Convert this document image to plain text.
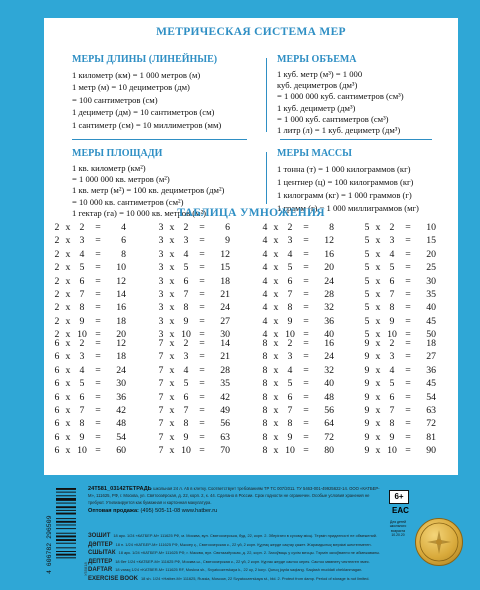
МЕТРИЧЕСКАЯ СИСТЕМА МЕР
МЕРЫ ДЛИНЫ (ЛИНЕЙНЫЕ)
1 километр (км) = 1 000 метров (м)
1 метр (м) = 10 дециметров (дм)
= 100 сантиметров (см)
1 дециметр (дм) = 10 сантиметров (см)
1 сантиметр (см) = 10 миллиметров (мм)
МЕРЫ ОБЪЕМА
1 куб. метр (м³) = 1 000
куб. дециметров (дм³)
= 1 000 000 куб. сантиметров (см³)
1 куб. дециметр (дм³)
= 1 000 куб. сантиметров (см³)
1 литр (л) = 1 куб. дециметр (дм³)
МЕРЫ ПЛОЩАДИ
1 кв. километр (км²)
= 1 000 000 кв. метров (м²)
1 кв. метр (м²) = 100 кв. дециметров (дм²)
= 10 000 кв. сантиметров (см²)
1 гектар (га) = 10 000 кв. метров (м²)
МЕРЫ МАССЫ
1 тонна (т) = 1 000 килограммов (кг)
1 центнер (ц) = 100 килограммов (кг)
1 килограмм (кг) = 1 000 граммов (г)
1 грамм (г) = 1 000 миллиграммов (мг)
ТАБЛИЦА УМНОЖЕНИЯ
2 x 2 = 4
2 x 3 = 6
2 x 4 = 8
2 x 5 = 10
2 x 6 = 12
2 x 7 = 14
2 x 8 = 16
2 x 9 = 18
2 x 10 = 20
3 x 2 = 6
3 x 3 = 9
3 x 4 = 12
3 x 5 = 15
3 x 6 = 18
3 x 7 = 21
3 x 8 = 24
3 x 9 = 27
3 x 10 = 30
4 x 2 = 8
4 x 3 = 12
4 x 4 = 16
4 x 5 = 20
4 x 6 = 24
4 x 7 = 28
4 x 8 = 32
4 x 9 = 36
4 x 10 = 40
5 x 2 = 10
5 x 3 = 15
5 x 4 = 20
5 x 5 = 25
5 x 6 = 30
5 x 7 = 35
5 x 8 = 40
5 x 9 = 45
5 x 10 = 50
6 x 2 = 12
6 x 3 = 18
6 x 4 = 24
6 x 5 = 30
6 x 6 = 36
6 x 7 = 42
6 x 8 = 48
6 x 9 = 54
6 x 10 = 60
7 x 2 = 14
7 x 3 = 21
7 x 4 = 28
7 x 5 = 35
7 x 6 = 42
7 x 7 = 49
7 x 8 = 56
7 x 9 = 63
7 x 10 = 70
8 x 2 = 16
8 x 3 = 24
8 x 4 = 32
8 x 5 = 40
8 x 6 = 48
8 x 7 = 56
8 x 8 = 64
8 x 9 = 72
8 x 10 = 80
9 x 2 = 18
9 x 3 = 27
9 x 4 = 36
9 x 5 = 45
9 x 6 = 54
9 x 7 = 63
9 x 8 = 72
9 x 9 = 81
9 x 10 = 90
4 606782 296509	У55818
24Т581_03142ТЕТРАДЬ школьная 24 л. А5 в клетку. Соответствует требованиям ТР ТС 007/2011. ТУ 5463-001-49925622-14. ООО «КАТБЕР-М», 111625, РФ, г. Москва, ул. Святоозёрская, д. 22, корп. 2, к. 44. Сделано в России. Срок годности не ограничен. Особые условия хранения не требуют. Утилизируется как бумажная и картонная макулатура.
Оптовая продажа: (495) 505-11-08 www.hatber.ru
ЗОШИТ 18 арк. 1/24 «КАТБЕР-М» 111625 РФ, м. Москва, вул. Святоозерська, буд. 22, корп. 2. Зберігати в сухому місці. Термін придатності не обмежений.
ДӘПТЕР 18 п. 1/24 «КАТБЕР-М» 111625 РФ, Мәскеу қ., Святоозерская к., 22 үй, 2 корп. Құрғақ жерде сақтау қажет. Жарамдылық мерзімі шектелмеген.
СШЫТАК 18 арк. 1/24 «КАТБЕР-М» 111625 РФ, г. Масква, вул. Святаазёрская, д. 22, корп. 2. Захоўваць у сухім месцы. Тэрмін захоўвання не абмежаваны.
ДЕПТЕР 18 бет 1/24 «КАТБЕР-М» 111625 РФ, Москва ш., Святоозерская к., 22 үй, 2 корп. Кургак жерде сактоо керек. Сактоо мөөнөтү чектелген эмес.
DAFTAR 18 varaq 1/24 «KATBER-M» 111625 RF, Moskva sh., Svyatoozerskaya k., 22 uy, 2 korp. Quruq joyda saqlang. Saqlash muddati cheklanmagan.
EXERCISE BOOK 18 sh. 1/24 «Hatber-M» 111625, Russia, Moscow, 22 Svyatoozerskaya st., bld. 2. Protect from damp. Period of storage is not limited.
6+
EAC
Для детей школьного возраста 10.20.20
